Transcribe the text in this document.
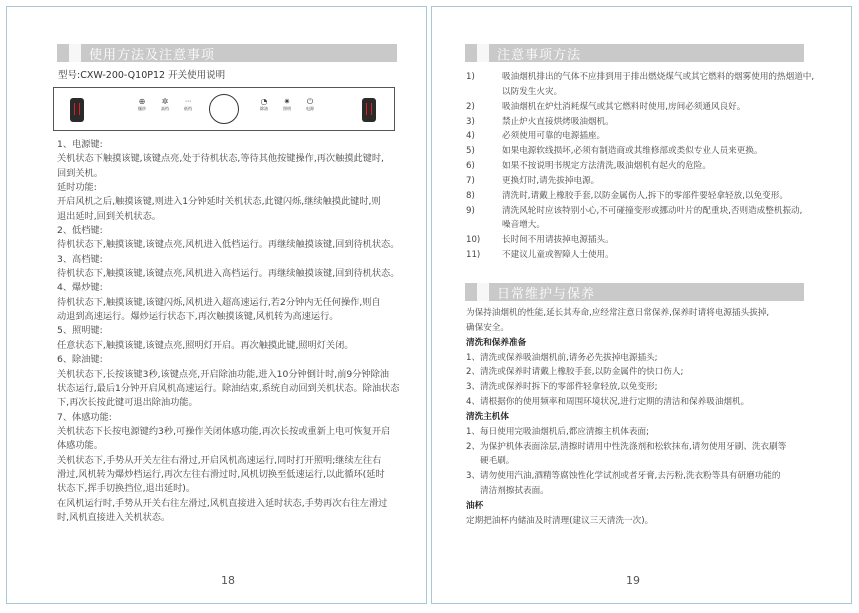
使用方法及注意事项
型号:CXW-200-Q10P12 开关使用说明
⊕
爆炒
✲
高档
ᐧᐧᐧ
低档
◔
除油
✷
照明
⏻
电源
1、电源键:
关机状态下触摸该键,该键点亮,处于待机状态,等待其他按键操作,再次触摸此键时,
回到关机。
延时功能:
开启风机之后,触摸该键,则进入1分钟延时关机状态,此键闪烁,继续触摸此键时,则
退出延时,回到关机状态。
2、低档键:
待机状态下,触摸该键,该键点亮,风机进入低档运行。再继续触摸该键,回到待机状态。
3、高档键:
待机状态下,触摸该键,该键点亮,风机进入高档运行。再继续触摸该键,回到待机状态。
4、爆炒键:
待机状态下,触摸该键,该键闪烁,风机进入超高速运行,若2分钟内无任何操作,则自
动退到高速运行。爆炒运行状态下,再次触摸该键,风机转为高速运行。
5、照明键:
任意状态下,触摸该键,该键点亮,照明灯开启。再次触摸此键,照明灯关闭。
6、除油键:
关机状态下,长按该键3秒,该键点亮,开启除油功能,进入10分钟倒计时,前9分钟除油
状态运行,最后1分钟开启风机高速运行。除油结束,系统自动回到关机状态。除油状态
下,再次长按此键可退出除油功能。
7、体感功能:
关机状态下长按电源键约3秒,可操作关闭体感功能,再次长按或重新上电可恢复开启
体感功能。
关机状态下,手势从开关左往右滑过,开启风机高速运行,同时打开照明;继续左往右
滑过,风机转为爆炒档运行,再次左往右滑过时,风机切换至低速运行,以此循环(延时
状态下,挥手切换挡位,退出延时)。
在风机运行时,手势从开关右往左滑过,风机直接进入延时状态,手势再次右往左滑过
时,风机直接进入关机状态。
18
注意事项方法
1)	吸油烟机排出的气体不应排到用于排出燃烧煤气或其它燃料的烟雾使用的热烟道中,
以防发生火灾。
2)	吸油烟机在炉灶消耗煤气或其它燃料时使用,房间必须通风良好。
3)	禁止炉火直接烘烤吸油烟机。
4)	必须使用可靠的电源插座。
5)	如果电源软线损坏,必须有制造商或其维修部或类似专业人员来更换。
6)	如果不按说明书规定方法清洗,吸油烟机有起火的危险。
7)	更换灯时,请先拔掉电源。
8)	清洗时,请戴上橡胶手套,以防金属伤人,拆下的零部件要轻拿轻放,以免变形。
9)	清洗风轮时应该特别小心,不可碰撞变形或挪动叶片的配重块,否则造成整机振动,
噪音增大。
10)	长时间不用请拔掉电源插头。
11)	不建议儿童或智障人士使用。
日常维护与保养
为保持油烟机的性能,延长其寿命,应经常注意日常保养,保养时请将电源插头拔掉,
确保安全。
清洗和保养准备
1、清洗或保养吸油烟机前,请务必先拔掉电源插头;
2、清洗或保养时请戴上橡胶手套,以防金属件的快口伤人;
3、清洗或保养时拆下的零部件轻拿轻放,以免变形;
4、请根据你的使用频率和周围环境状况,进行定期的清洁和保养吸油烟机。
清洗主机体
1、每日使用完吸油烟机后,都应清擦主机体表面;
2、为保护机体表面涂层,清擦时请用中性洗涤剂和松软抹布,请勿使用牙刷、洗衣刷等
硬毛刷。
3、请勿使用汽油,酒精等腐蚀性化学试剂或者牙膏,去污粉,洗衣粉等具有研磨功能的
清洁剂擦拭表面。
油杯
定期把油杯内储油及时清理(建议三天清洗一次)。
19
